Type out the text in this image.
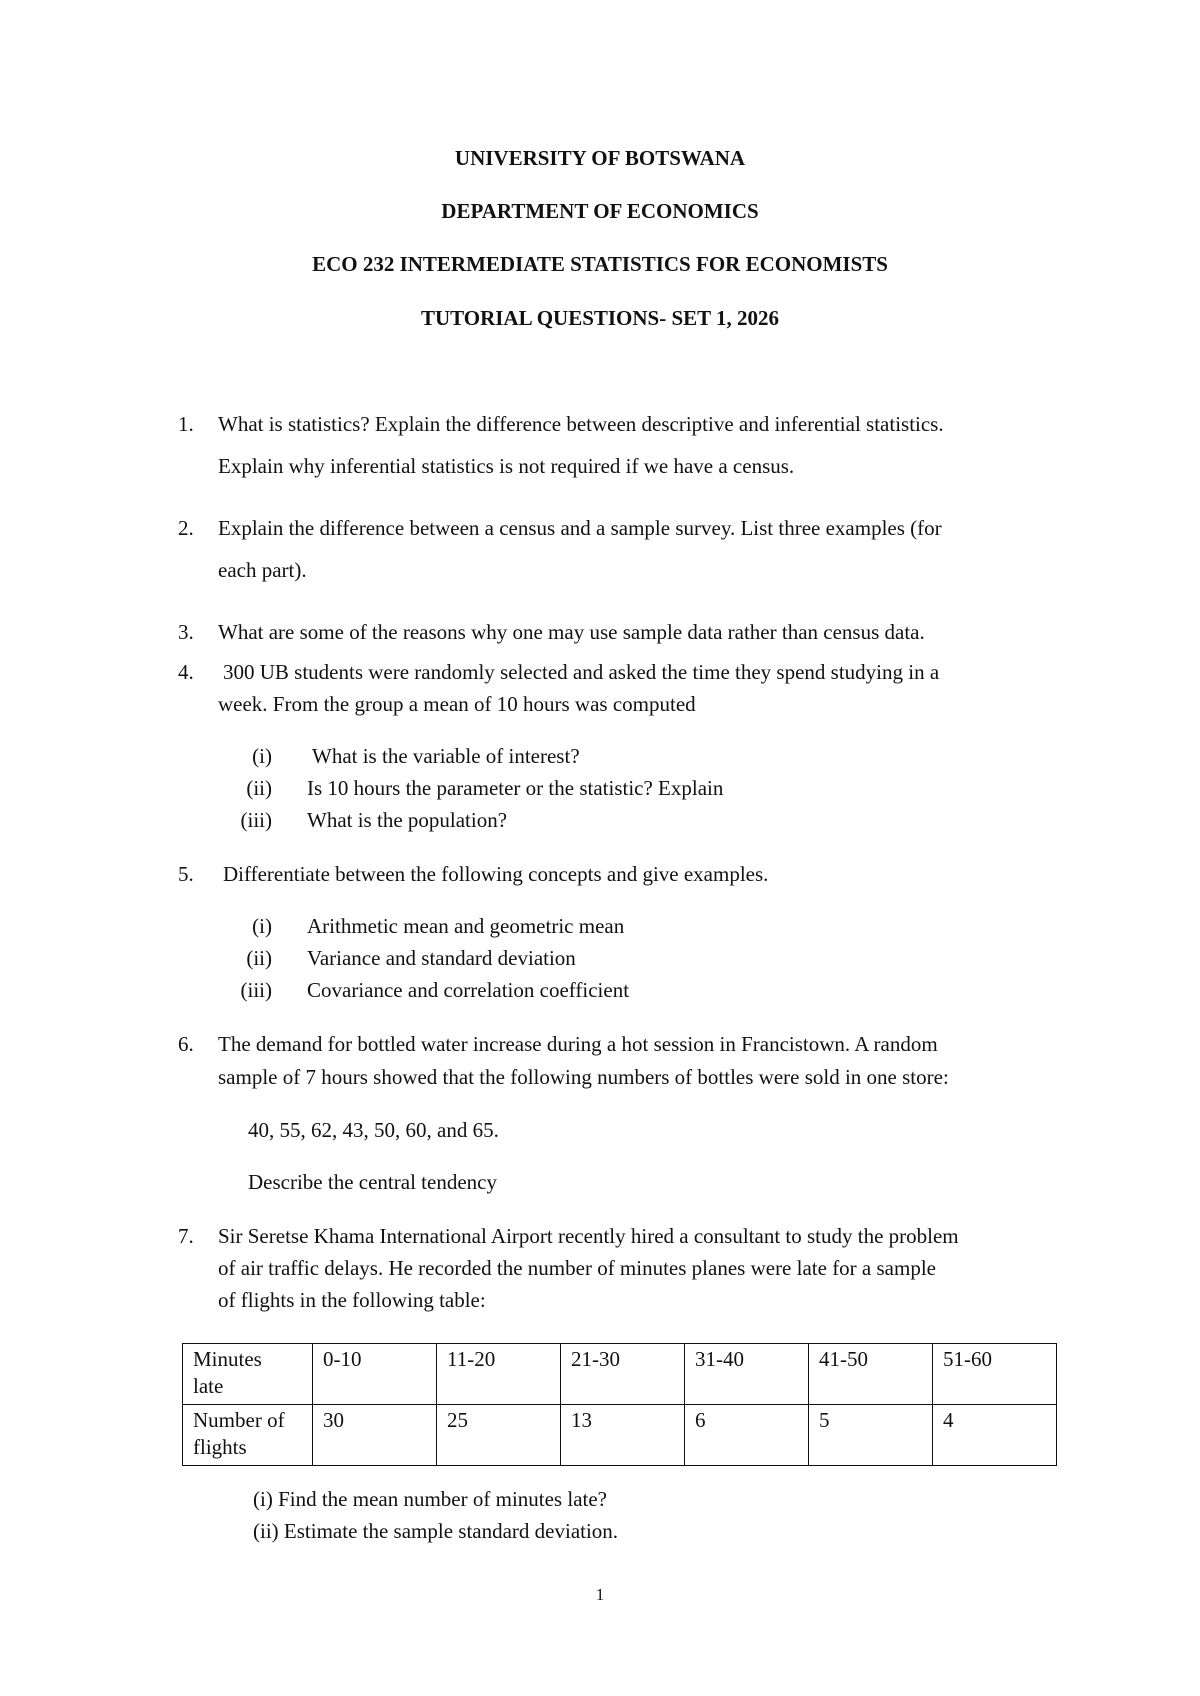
UNIVERSITY OF BOTSWANA
DEPARTMENT OF ECONOMICS
ECO 232 INTERMEDIATE STATISTICS FOR ECONOMISTS
TUTORIAL QUESTIONS- SET 1, 2026
1. What is statistics? Explain the difference between descriptive and inferential statistics.
Explain why inferential statistics is not required if we have a census.
2. Explain the difference between a census and a sample survey. List three examples (for
each part).
3. What are some of the reasons why one may use sample data rather than census data.
4. 300 UB students were randomly selected and asked the time they spend studying in a
week. From the group a mean of 10 hours was computed
(i) What is the variable of interest?
(ii) Is 10 hours the parameter or the statistic? Explain
(iii) What is the population?
5. Differentiate between the following concepts and give examples.
(i) Arithmetic mean and geometric mean
(ii) Variance and standard deviation
(iii) Covariance and correlation coefficient
6. The demand for bottled water increase during a hot session in Francistown. A random
sample of 7 hours showed that the following numbers of bottles were sold in one store:
40, 55, 62, 43, 50, 60, and 65.
Describe the central tendency
7. Sir Seretse Khama International Airport recently hired a consultant to study the problem
of air traffic delays. He recorded the number of minutes planes were late for a sample
of flights in the following table:
Minutes
late	0-10	11-20	21-30	31-40	41-50	51-60

Number of
flights	30	25	13	6	5	4
(i) Find the mean number of minutes late?
(ii) Estimate the sample standard deviation.
1
